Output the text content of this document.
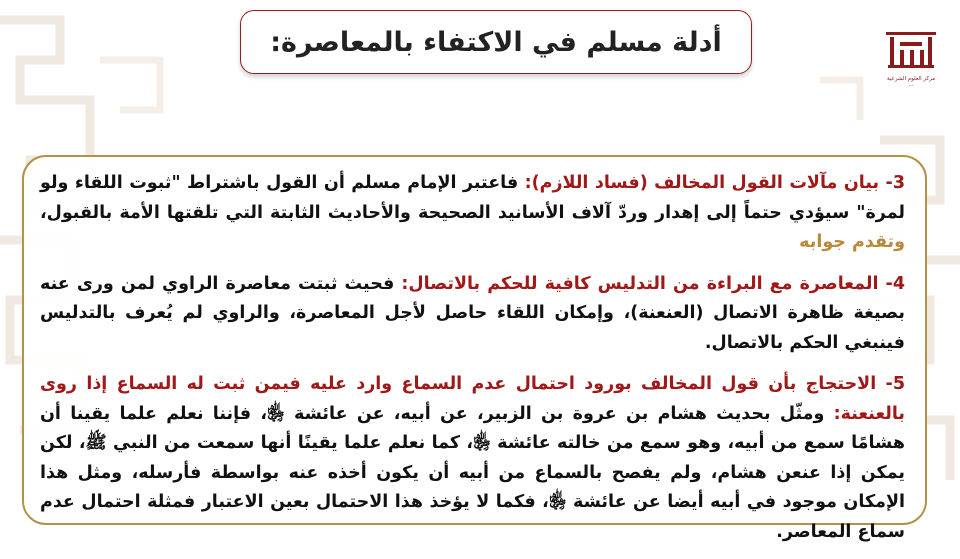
أدلة مسلم في الاكتفاء بالمعاصرة:
مركز العلوم الشرعية
...

3- بيان مآلات القول المخالف (فساد اللازم): فاعتبر الإمام مسلم أن القول باشتراط "ثبوت اللقاء ولو لمرة" سيؤدي حتماً إلى إهدار وردّ آلاف الأسانيد الصحيحة والأحاديث الثابتة التي تلقتها الأمة بالقبول، وتقدم جوابه

4- المعاصرة مع البراءة من التدليس كافية للحكم بالاتصال: فحيث ثبتت معاصرة الراوي لمن ورى عنه بصيغة ظاهرة الاتصال (العنعنة)، وإمكان اللقاء حاصل لأجل المعاصرة، والراوي لم يُعرف بالتدليس فينبغي الحكم بالاتصال.

5- الاحتجاج بأن قول المخالف بورود احتمال عدم السماع وارد عليه فيمن ثبت له السماع إذا روى بالعنعنة: ومثّل بحديث هشام بن عروة بن الزبير، عن أبيه، عن عائشة ﵂، فإننا نعلم علما يقينا أن هشامًا سمع من أبيه، وهو سمع من خالته عائشة ﵂، كما نعلم علما يقينًا أنها سمعت من النبي ﷺ، لكن يمكن إذا عنعن هشام، ولم يفصح بالسماع من أبيه أن يكون أخذه عنه بواسطة فأرسله، ومثل هذا الإمكان موجود في أبيه أيضا عن عائشة ﵂، فكما لا يؤخذ هذا الاحتمال بعين الاعتبار فمثلة احتمال عدم سماع المعاصر.
